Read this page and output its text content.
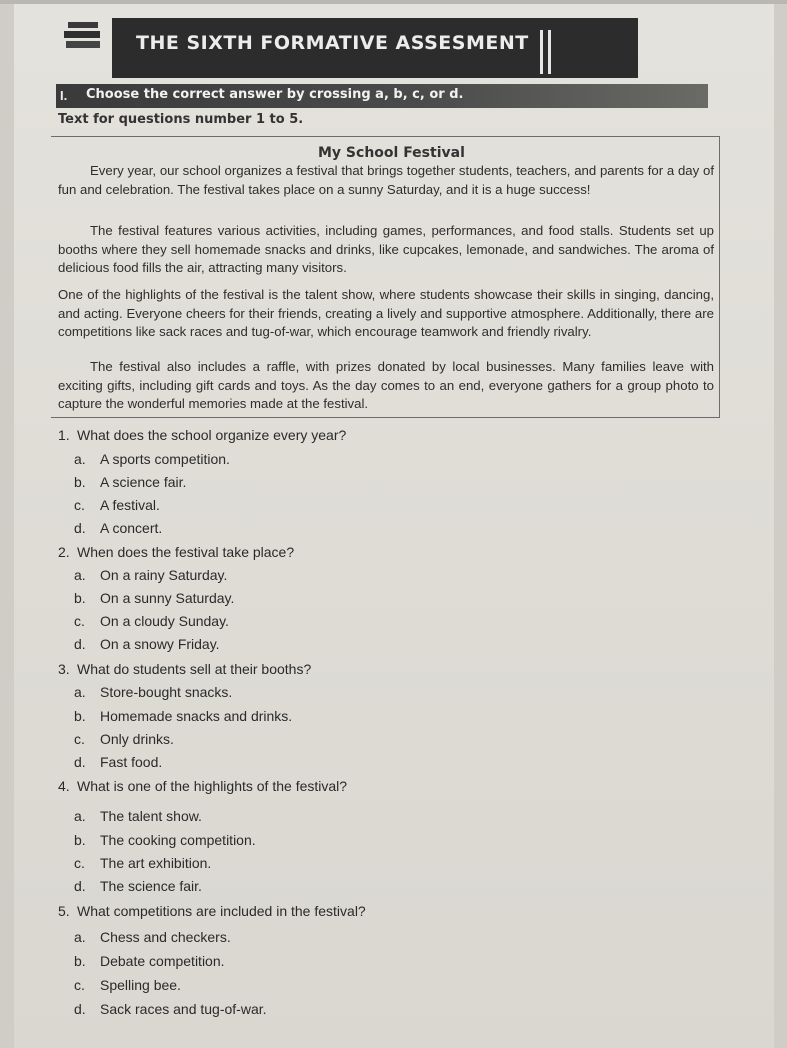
THE SIXTH FORMATIVE ASSESMENT
I. Choose the correct answer by crossing a, b, c, or d.
Text for questions number 1 to 5.
My School Festival

Every year, our school organizes a festival that brings together students, teachers, and parents for a day of fun and celebration. The festival takes place on a sunny Saturday, and it is a huge success!

The festival features various activities, including games, performances, and food stalls. Students set up booths where they sell homemade snacks and drinks, like cupcakes, lemonade, and sandwiches. The aroma of delicious food fills the air, attracting many visitors.

One of the highlights of the festival is the talent show, where students showcase their skills in singing, dancing, and acting. Everyone cheers for their friends, creating a lively and supportive atmosphere. Additionally, there are competitions like sack races and tug-of-war, which encourage teamwork and friendly rivalry.

The festival also includes a raffle, with prizes donated by local businesses. Many families leave with exciting gifts, including gift cards and toys. As the day comes to an end, everyone gathers for a group photo to capture the wonderful memories made at the festival.

1. What does the school organize every year?
a. A sports competition.
b. A science fair.
c. A festival.
d. A concert.
2. When does the festival take place?
a. On a rainy Saturday.
b. On a sunny Saturday.
c. On a cloudy Sunday.
d. On a snowy Friday.
3. What do students sell at their booths?
a. Store-bought snacks.
b. Homemade snacks and drinks.
c. Only drinks.
d. Fast food.
4. What is one of the highlights of the festival?
a. The talent show.
b. The cooking competition.
c. The art exhibition.
d. The science fair.
5. What competitions are included in the festival?
a. Chess and checkers.
b. Debate competition.
c. Spelling bee.
d. Sack races and tug-of-war.
